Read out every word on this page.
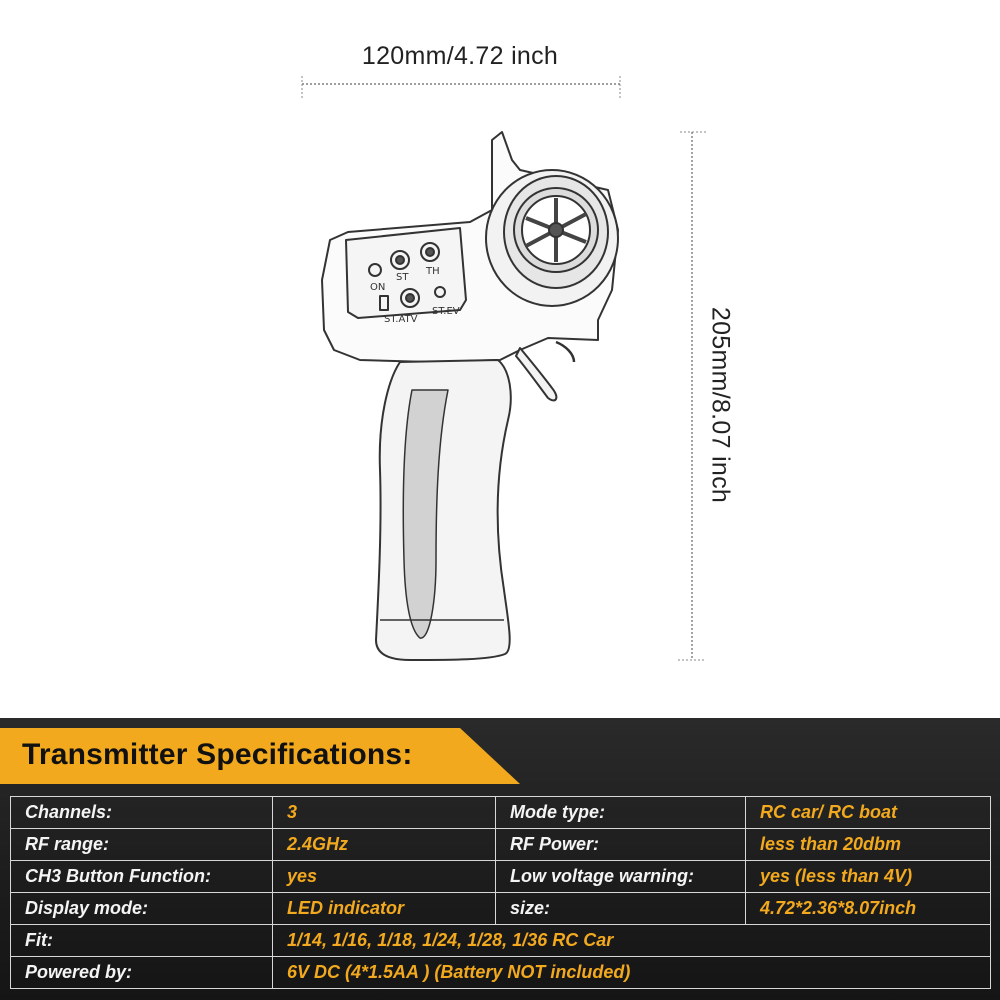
ON
ST
TH
ST.ATV
ST.EV
120mm/4.72 inch
205mm/8.07 inch
Transmitter Specifications:
Channels:	3	Mode type:	RC car/ RC boat
RF range:	2.4GHz	RF Power:	less than 20dbm
CH3 Button Function:	yes	Low voltage warning:	yes (less than 4V)
Display mode:	LED indicator	size:	4.72*2.36*8.07inch
Fit:	1/14, 1/16, 1/18, 1/24, 1/28, 1/36 RC Car		
Powered by:	6V DC (4*1.5AA ) (Battery NOT included)		
